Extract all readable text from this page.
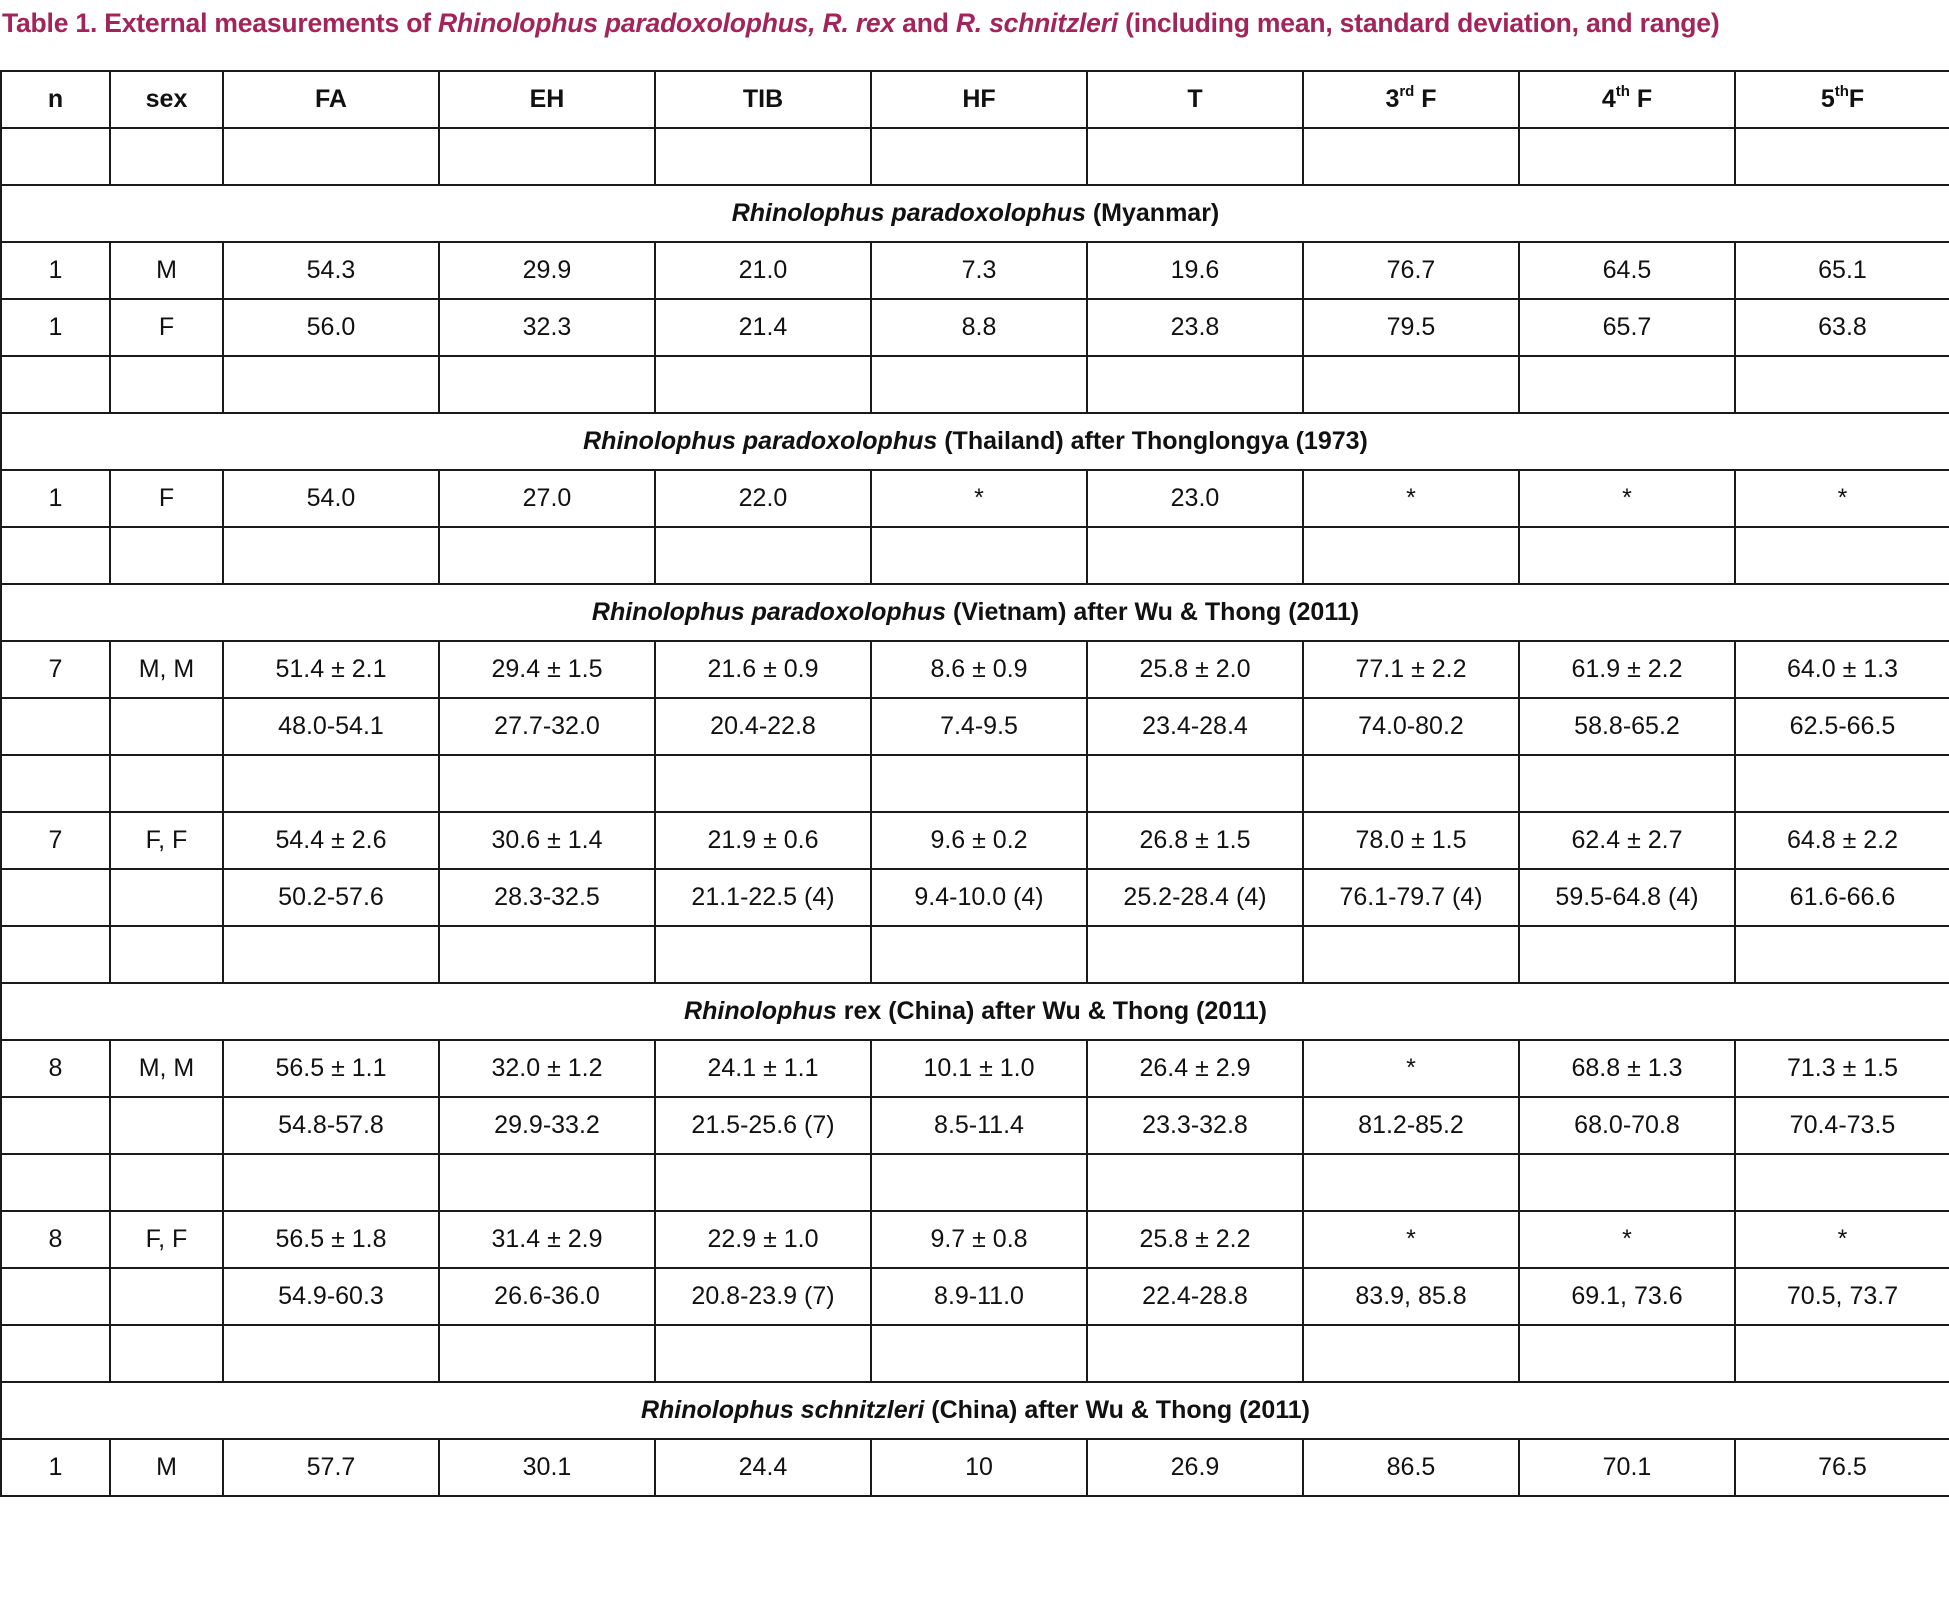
Table 1. External measurements of Rhinolophus paradoxolophus, R. rex and R. schnitzleri (including mean, standard deviation, and range)
n	sex	FA	EH	TIB	HF	T	3rd F	4th F	5thF

Rhinolophus paradoxolophus (Myanmar)									
1	M	54.3	29.9	21.0	7.3	19.6	76.7	64.5	65.1
1	F	56.0	32.3	21.4	8.8	23.8	79.5	65.7	63.8

Rhinolophus paradoxolophus (Thailand) after Thonglongya (1973)									
1	F	54.0	27.0	22.0	*	23.0	*	*	*

Rhinolophus paradoxolophus (Vietnam) after Wu & Thong (2011)									
7	M, M	51.4 ± 2.1	29.4 ± 1.5	21.6 ± 0.9	8.6 ± 0.9	25.8 ± 2.0	77.1 ± 2.2	61.9 ± 2.2	64.0 ± 1.3
		48.0-54.1	27.7-32.0	20.4-22.8	7.4-9.5	23.4-28.4	74.0-80.2	58.8-65.2	62.5-66.5

7	F, F	54.4 ± 2.6	30.6 ± 1.4	21.9 ± 0.6	9.6 ± 0.2	26.8 ± 1.5	78.0 ± 1.5	62.4 ± 2.7	64.8 ± 2.2
		50.2-57.6	28.3-32.5	21.1-22.5 (4)	9.4-10.0 (4)	25.2-28.4 (4)	76.1-79.7 (4)	59.5-64.8 (4)	61.6-66.6

Rhinolophus rex (China) after Wu & Thong (2011)									
8	M, M	56.5 ± 1.1	32.0 ± 1.2	24.1 ± 1.1	10.1 ± 1.0	26.4 ± 2.9	*	68.8 ± 1.3	71.3 ± 1.5
		54.8-57.8	29.9-33.2	21.5-25.6 (7)	8.5-11.4	23.3-32.8	81.2-85.2	68.0-70.8	70.4-73.5

8	F, F	56.5 ± 1.8	31.4 ± 2.9	22.9 ± 1.0	9.7 ± 0.8	25.8 ± 2.2	*	*	*
		54.9-60.3	26.6-36.0	20.8-23.9 (7)	8.9-11.0	22.4-28.8	83.9, 85.8	69.1, 73.6	70.5, 73.7

Rhinolophus schnitzleri (China) after Wu & Thong (2011)									
1	M	57.7	30.1	24.4	10	26.9	86.5	70.1	76.5
